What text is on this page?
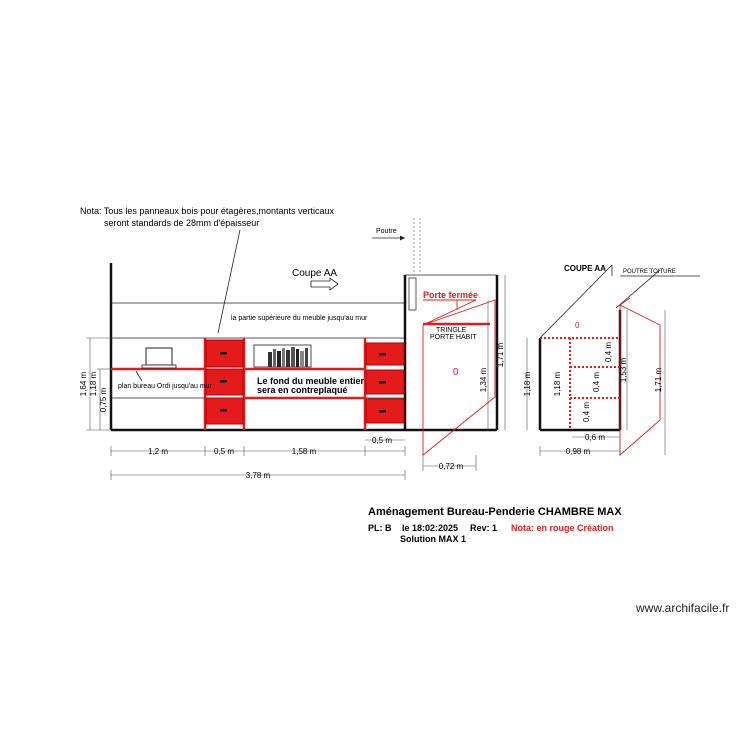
Nota: Tous les panneaux bois pour étagères,montants verticaux
seront standards de 28mm d'épaisseur
la partie supérieure du meuble jusqu'au mur
Le fond du meuble entier
sera en contreplaqué
plan bureau Ordi jusqu'au mur
Coupe AA
Poutre
Porte fermée
TRINGLE
PORTE HABIT
0
1,64 m 1,18 m
0,75 m
1,34 m
1,71 m
1,2 m	0,5 m	1,58 m
0,5 m
3,78 m
0,72 m
COUPE AA	POUTRE TOITURE
0
1,18 m	1,18 m
0,4 m
0,4 m
0,4 m
1,53 m	1,71 m
0,6 m
0,98 m
Aménagement Bureau-Penderie CHAMBRE MAX
PL: B le 18:02:2025 Rev: 1 Nota: en rouge Création
Solution MAX 1
www.archifacile.fr
